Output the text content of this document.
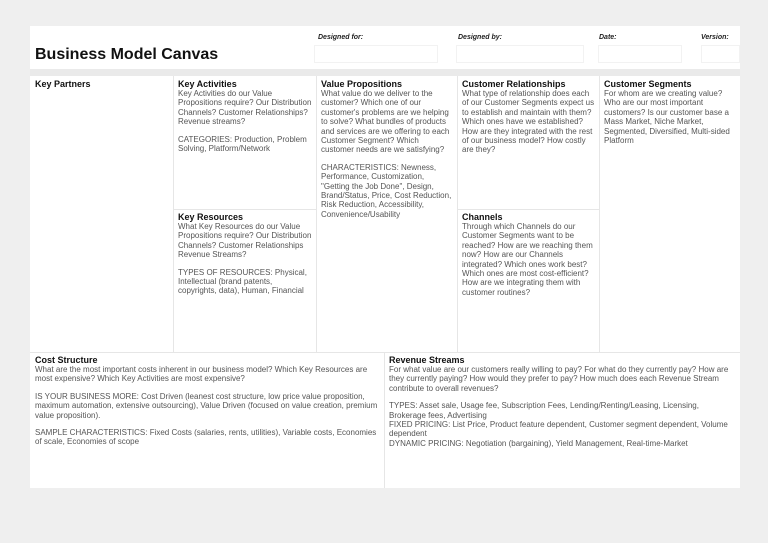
Business Model Canvas
Designed for:	Designed by:	Date:	Version:
Key Partners	Key Activities

Key Activities do our Value Propositions require? Our Distribution Channels? Customer Relationships? Revenue streams?

CATEGORIES: Production, Problem Solving, Platform/Network

Key Resources

What Key Resources do our Value Propositions require? Our Distribution Channels? Customer Relationships Revenue Streams?

TYPES OF RESOURCES: Physical, Intellectual (brand patents, copyrights, data), Human, Financial

Value Propositions

What value do we deliver to the customer? Which one of our customer's problems are we helping to solve? What bundles of products and services are we offering to each Customer Segment? Which customer needs are we satisfying?

CHARACTERISTICS: Newness, Performance, Customization, "Getting the Job Done", Design, Brand/Status, Price, Cost Reduction, Risk Reduction, Accessibility, Convenience/Usability

Customer Relationships

What type of relationship does each of our Customer Segments expect us to establish and maintain with them? Which ones have we established? How are they integrated with the rest of our business model? How costly are they?

Channels

Through which Channels do our Customer Segments want to be reached? How are we reaching them now? How are our Channels integrated? Which ones work best? Which ones are most cost-efficient? How are we integrating them with customer routines?

Customer Segments

For whom are we creating value? Who are our most important customers? Is our customer base a Mass Market, Niche Market, Segmented, Diversified, Multi-sided Platform

Cost Structure

What are the most important costs inherent in our business model? Which Key Resources are most expensive? Which Key Activities are most expensive?

IS YOUR BUSINESS MORE: Cost Driven (leanest cost structure, low price value proposition, maximum automation, extensive outsourcing), Value Driven (focused on value creation, premium value proposition).

SAMPLE CHARACTERISTICS: Fixed Costs (salaries, rents, utilities), Variable costs, Economies of scale, Economies of scope

Revenue Streams

For what value are our customers really willing to pay? For what do they currently pay? How are they currently paying? How would they prefer to pay? How much does each Revenue Stream contribute to overall revenues?

TYPES: Asset sale, Usage fee, Subscription Fees, Lending/Renting/Leasing, Licensing, Brokerage fees, Advertising

FIXED PRICING: List Price, Product feature dependent, Customer segment dependent, Volume dependent

DYNAMIC PRICING: Negotiation (bargaining), Yield Management, Real-time-Market
